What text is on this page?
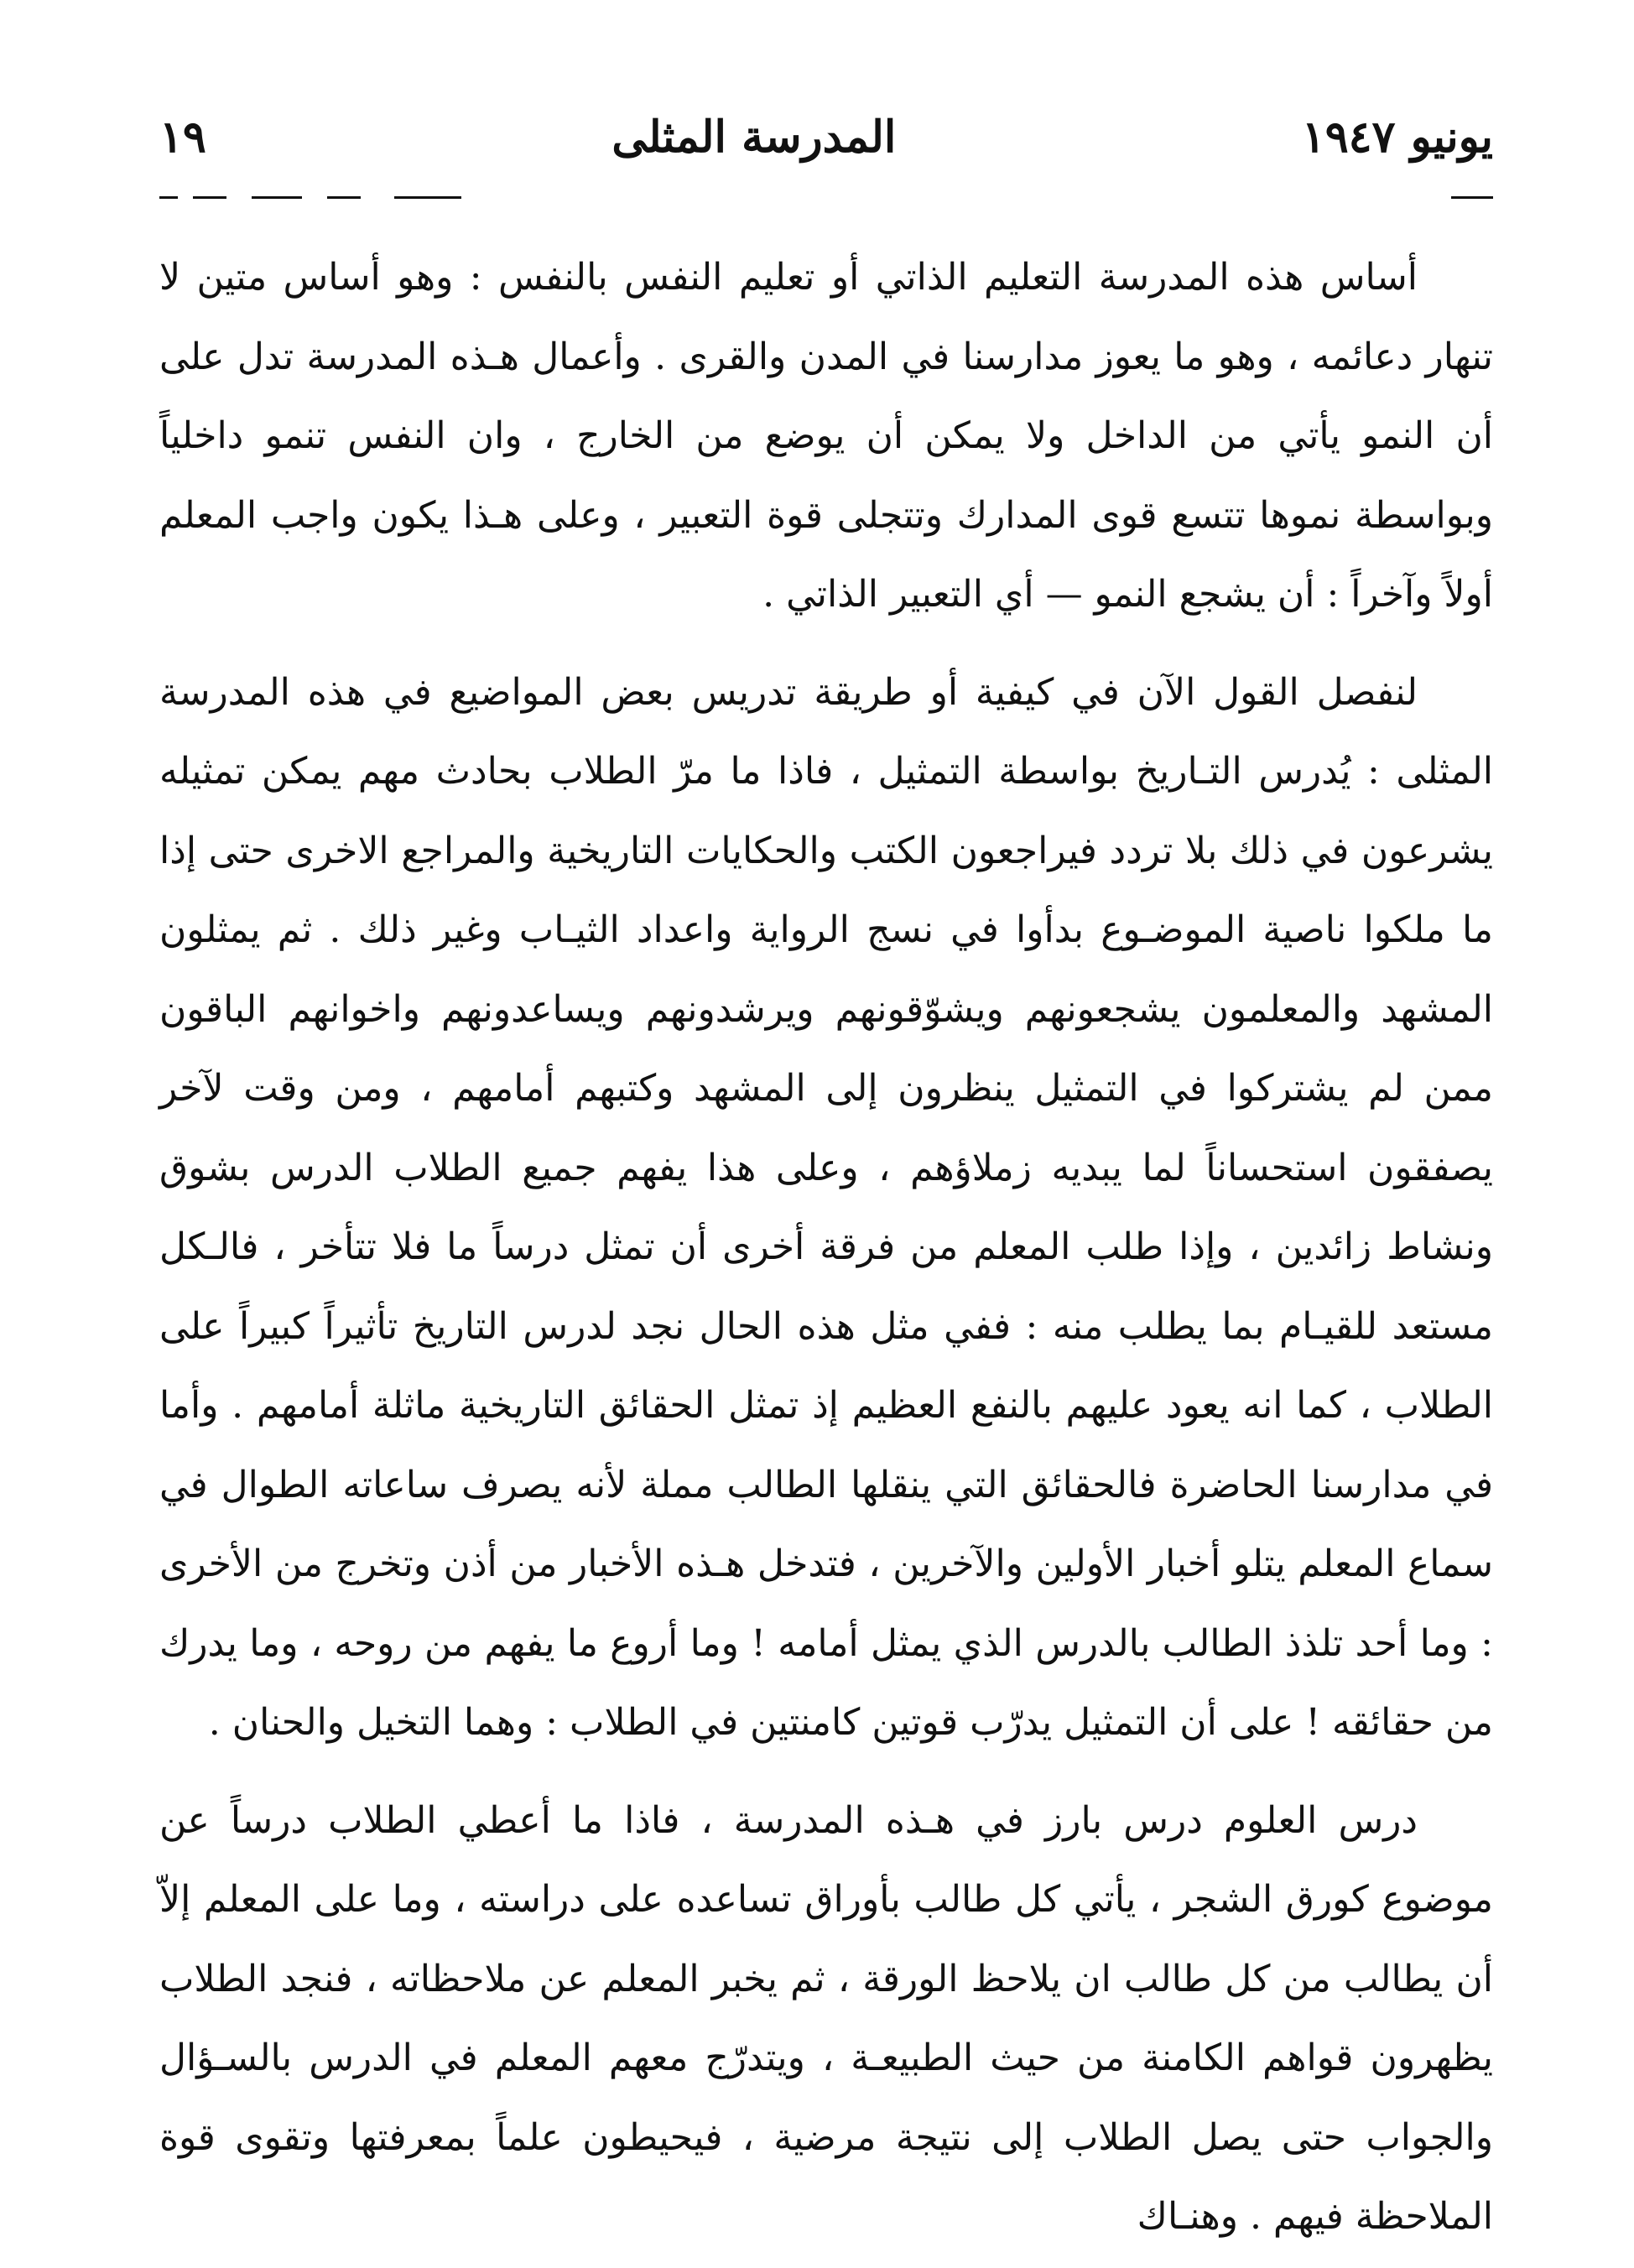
يونيو ١٩٤٧
المدرسة المثلى
١٩

أساس هذه المدرسة التعليم الذاتي أو تعليم النفس بالنفس : وهو أساس متين لا تنهار دعائمه ، وهو ما يعوز مدارسنا في المدن والقرى . وأعمال هـذه المدرسة تدل على أن النمو يأتي من الداخل ولا يمكن أن يوضع من الخارج ، وان النفس تنمو داخلياً وبواسطة نموها تتسع قوى المدارك وتتجلى قوة التعبير ، وعلى هـذا يكون واجب المعلم أولاً وآخراً : أن يشجع النمو — أي التعبير الذاتي .

لنفصل القول الآن في كيفية أو طريقة تدريس بعض المواضيع في هذه المدرسة المثلى : يُدرس التـاريخ بواسطة التمثيل ، فاذا ما مرّ الطلاب بحادث مهم يمكن تمثيله يشرعون في ذلك بلا تردد فيراجعون الكتب والحكايات التاريخية والمراجع الاخرى حتى إذا ما ملكوا ناصية الموضـوع بدأوا في نسج الرواية واعداد الثيـاب وغير ذلك . ثم يمثلون المشهد والمعلمون يشجعونهم ويشوّقونهم ويرشدونهم ويساعدونهم واخوانهم الباقون ممن لم يشتركوا في التمثيل ينظرون إلى المشهد وكتبهم أمامهم ، ومن وقت لآخر يصفقون استحساناً لما يبديه زملاؤهم ، وعلى هذا يفهم جميع الطلاب الدرس بشوق ونشاط زائدين ، وإذا طلب المعلم من فرقة أخرى أن تمثل درساً ما فلا تتأخر ، فالـكل مستعد للقيـام بما يطلب منه : ففي مثل هذه الحال نجد لدرس التاريخ تأثيراً كبيراً على الطلاب ، كما انه يعود عليهم بالنفع العظيم إذ تمثل الحقائق التاريخية ماثلة أمامهم . وأما في مدارسنا الحاضرة فالحقائق التي ينقلها الطالب مملة لأنه يصرف ساعاته الطوال في سماع المعلم يتلو أخبار الأولين والآخرين ، فتدخل هـذه الأخبار من أذن وتخرج من الأخرى : وما أحد تلذذ الطالب بالدرس الذي يمثل أمامه ! وما أروع ما يفهم من روحه ، وما يدرك من حقائقه ! على أن التمثيل يدرّب قوتين كامنتين في الطلاب : وهما التخيل والحنان .

درس العلوم درس بارز في هـذه المدرسة ، فاذا ما أعطي الطلاب درساً عن موضوع كورق الشجر ، يأتي كل طالب بأوراق تساعده على دراسته ، وما على المعلم إلاّ أن يطالب من كل طالب ان يلاحظ الورقة ، ثم يخبر المعلم عن ملاحظاته ، فنجد الطلاب يظهرون قواهم الكامنة من حيث الطبيعـة ، ويتدرّج معهم المعلم في الدرس بالسـؤال والجواب حتى يصل الطلاب إلى نتيجة مرضية ، فيحيطون علماً بمعرفتها وتقوى قوة الملاحظة فيهم . وهنـاك
